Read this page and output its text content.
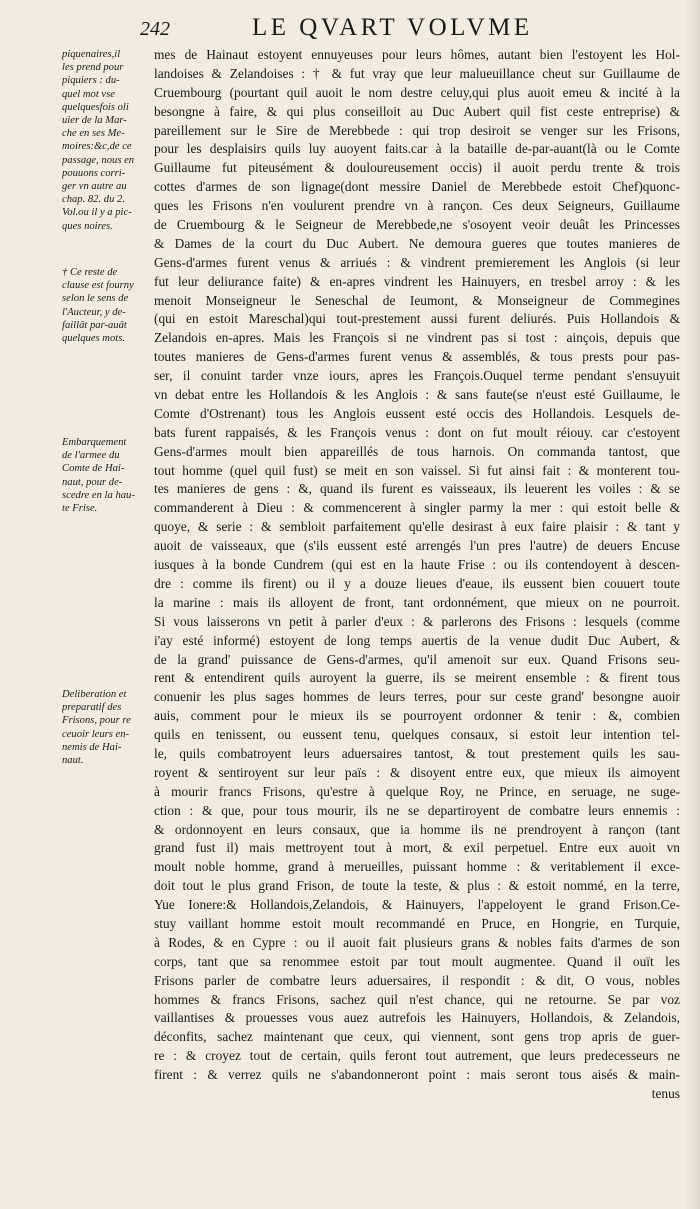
242	LE QVART VOLVME
piquenaires,il
les prend pour
piquiers : du-
quel mot vse
quelquesfois oli
uier de la Mar-
che en ses Me-
moires:&c,de ce
passage, nous en
pouuons corri-
ger vn autre au
chap. 82. du 2.
Vol.ou il y a pic-
ques noires.
† Ce reste de
clause est fourny
selon le sens de
l'Aucteur, y de-
faillât par-auât
quelques mots.
Embarquement
de l'armee du
Comte de Hai-
naut, pour de-
scedre en la hau-
te Frise.
Deliberation et
preparatif des
Frisons, pour re
ceuoir leurs en-
nemis de Hai-
naut.
mes de Hainaut estoyent ennuyeuses pour leurs hômes, autant bien l'estoyent les Hol-
landoises & Zelandoises : † & fut vray que leur malueuillance cheut sur Guillaume de
Cruembourg (pourtant quil auoit le nom destre celuy,qui plus auoit emeu & incité à la
besongne à faire, & qui plus conseilloit au Duc Aubert quil fist ceste entreprise) &
pareillement sur le Sire de Merebbede : qui trop desiroit se venger sur les Frisons,
pour les desplaisirs quils luy auoyent faits.car à la bataille de-par-auant(là ou le Comte
Guillaume fut piteusément & douloureusement occis) il auoit perdu trente & trois
cottes d'armes de son lignage(dont messire Daniel de Merebbede estoit Chef)quonc-
ques les Frisons n'en voulurent prendre vn à rançon. Ces deux Seigneurs, Guillaume
de Cruembourg & le Seigneur de Merebbede,ne s'osoyent veoir deuât les Princesses
& Dames de la court du Duc Aubert. Ne demoura gueres que toutes manieres de
Gens-d'armes furent venus & arriués : & vindrent premierement les Anglois (si leur
fut leur deliurance faite) & en-apres vindrent les Hainuyers, en tresbel arroy : & les
menoit Monseigneur le Seneschal de Ieumont, & Monseigneur de Commegines
(qui en estoit Mareschal)qui tout-prestement aussi furent deliurés. Puis Hollandois &
Zelandois en-apres. Mais les François si ne vindrent pas si tost : ainçois, depuis que
toutes manieres de Gens-d'armes furent venus & assemblés, & tous prests pour pas-
ser, il conuint tarder vnze iours, apres les François.Ouquel terme pendant s'ensuyuit
vn debat entre les Hollandois & les Anglois : & sans faute(se n'eust esté Guillaume, le
Comte d'Ostrenant) tous les Anglois eussent esté occis des Hollandois. Lesquels de-
bats furent rappaisés, & les François venus : dont on fut moult réiouy. car c'estoyent
Gens-d'armes moult bien appareillés de tous harnois. On commanda tantost, que
tout homme (quel quil fust) se meit en son vaissel. Si fut ainsi fait : & monterent tou-
tes manieres de gens : &, quand ils furent es vaisseaux, ils leuerent les voiles : & se
commanderent à Dieu : & commencerent à singler parmy la mer : qui estoit belle &
quoye, & serie : & sembloit parfaitement qu'elle desirast à eux faire plaisir : & tant y
auoit de vaisseaux, que (s'ils eussent esté arrengés l'un pres l'autre) de deuers Encuse
iusques à la bonde Cundrem (qui est en la haute Frise : ou ils contendoyent à descen-
dre : comme ils firent) ou il y a douze lieues d'eaue, ils eussent bien couuert toute
la marine : mais ils alloyent de front, tant ordonnément, que mieux on ne pourroit.
Si vous laisserons vn petit à parler d'eux : & parlerons des Frisons : lesquels (comme
i'ay esté informé) estoyent de long temps auertis de la venue dudit Duc Aubert, &
de la grand' puissance de Gens-d'armes, qu'il amenoit sur eux. Quand Frisons seu-
rent & entendirent quils auroyent la guerre, ils se meirent ensemble : & firent tous
conuenir les plus sages hommes de leurs terres, pour sur ceste grand' besongne auoir
auis, comment pour le mieux ils se pourroyent ordonner & tenir : &, combien
quils en tenissent, ou eussent tenu, quelques consaux, si estoit leur intention tel-
le, quils combatroyent leurs aduersaires tantost, & tout prestement quils les sau-
royent & sentiroyent sur leur païs : & disoyent entre eux, que mieux ils aimoyent
à mourir francs Frisons, qu'estre à quelque Roy, ne Prince, en seruage, ne suge-
ction : & que, pour tous mourir, ils ne se departiroyent de combatre leurs ennemis :
& ordonnoyent en leurs consaux, que ia homme ils ne prendroyent à rançon (tant
grand fust il) mais mettroyent tout à mort, & exil perpetuel. Entre eux auoit vn
moult noble homme, grand à merueilles, puissant homme : & veritablement il exce-
doit tout le plus grand Frison, de toute la teste, & plus : & estoit nommé, en la terre,
Yue Ionere:& Hollandois,Zelandois, & Hainuyers, l'appeloyent le grand Frison.Ce-
stuy vaillant homme estoit moult recommandé en Pruce, en Hongrie, en Turquie,
à Rodes, & en Cypre : ou il auoit fait plusieurs grans & nobles faits d'armes de son
corps, tant que sa renommee estoit par tout moult augmentee. Quand il ouït les
Frisons parler de combatre leurs aduersaires, il respondit : & dit, O vous, nobles
hommes & francs Frisons, sachez quil n'est chance, qui ne retourne. Se par voz
vaillantises & prouesses vous auez autrefois les Hainuyers, Hollandois, & Zelandois,
déconfits, sachez maintenant que ceux, qui viennent, sont gens trop apris de guer-
re : & croyez tout de certain, quils feront tout autrement, que leurs predecesseurs ne
firent : & verrez quils ne s'abandonneront point : mais seront tous aisés & main-
tenus
